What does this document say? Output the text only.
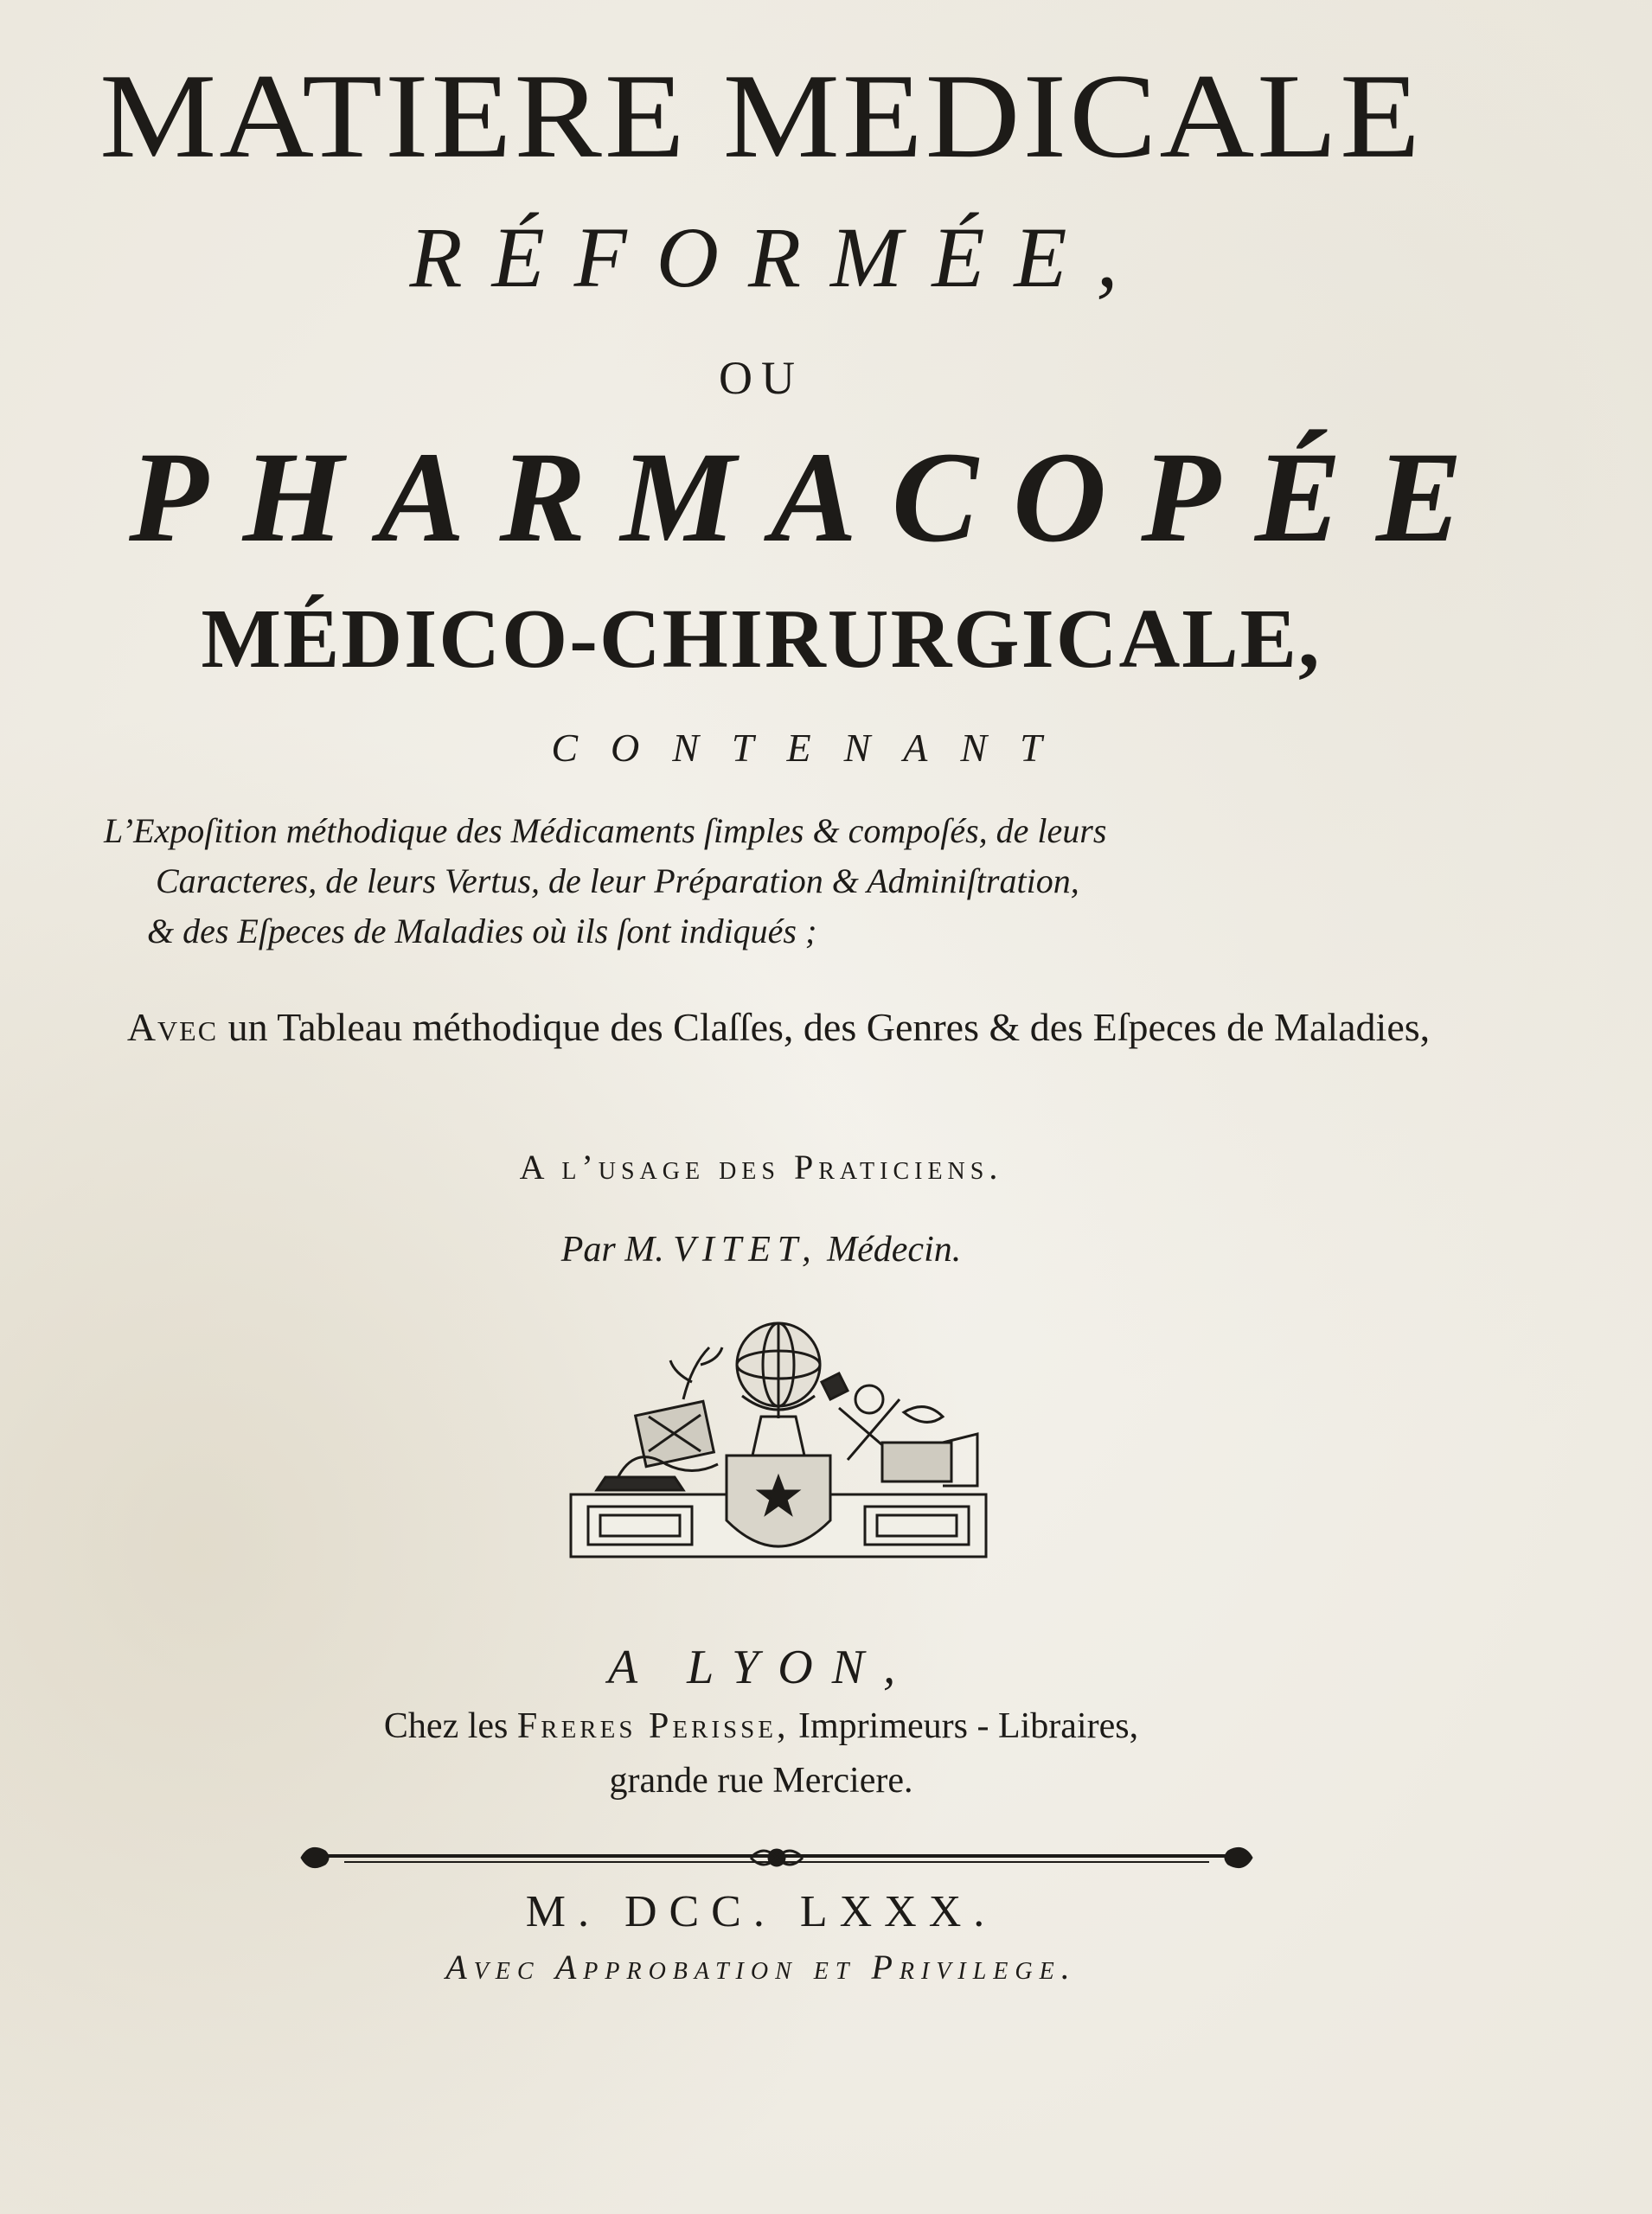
MATIERE MEDICALE
RÉFORMÉE,
OU
PHARMACOPÉE
MÉDICO-CHIRURGICALE,
CONTENANT

L’Expoſition méthodique des Médicaments ſimples & compoſés, de leurs

Caracteres, de leurs Vertus, de leur Préparation & Adminiſtration,

& des Eſpeces de Maladies où ils ſont indiqués ;

Avec un Tableau méthodique des Claſſes, des Genres & des Eſpeces de Maladies,
A l’usage des Praticiens.
Par M. VITET, Médecin.
A LYON,
Chez les Freres Perisse, Imprimeurs - Libraires,
grande rue Merciere.
M. DCC. LXXX.
Avec Approbation et Privilege.
